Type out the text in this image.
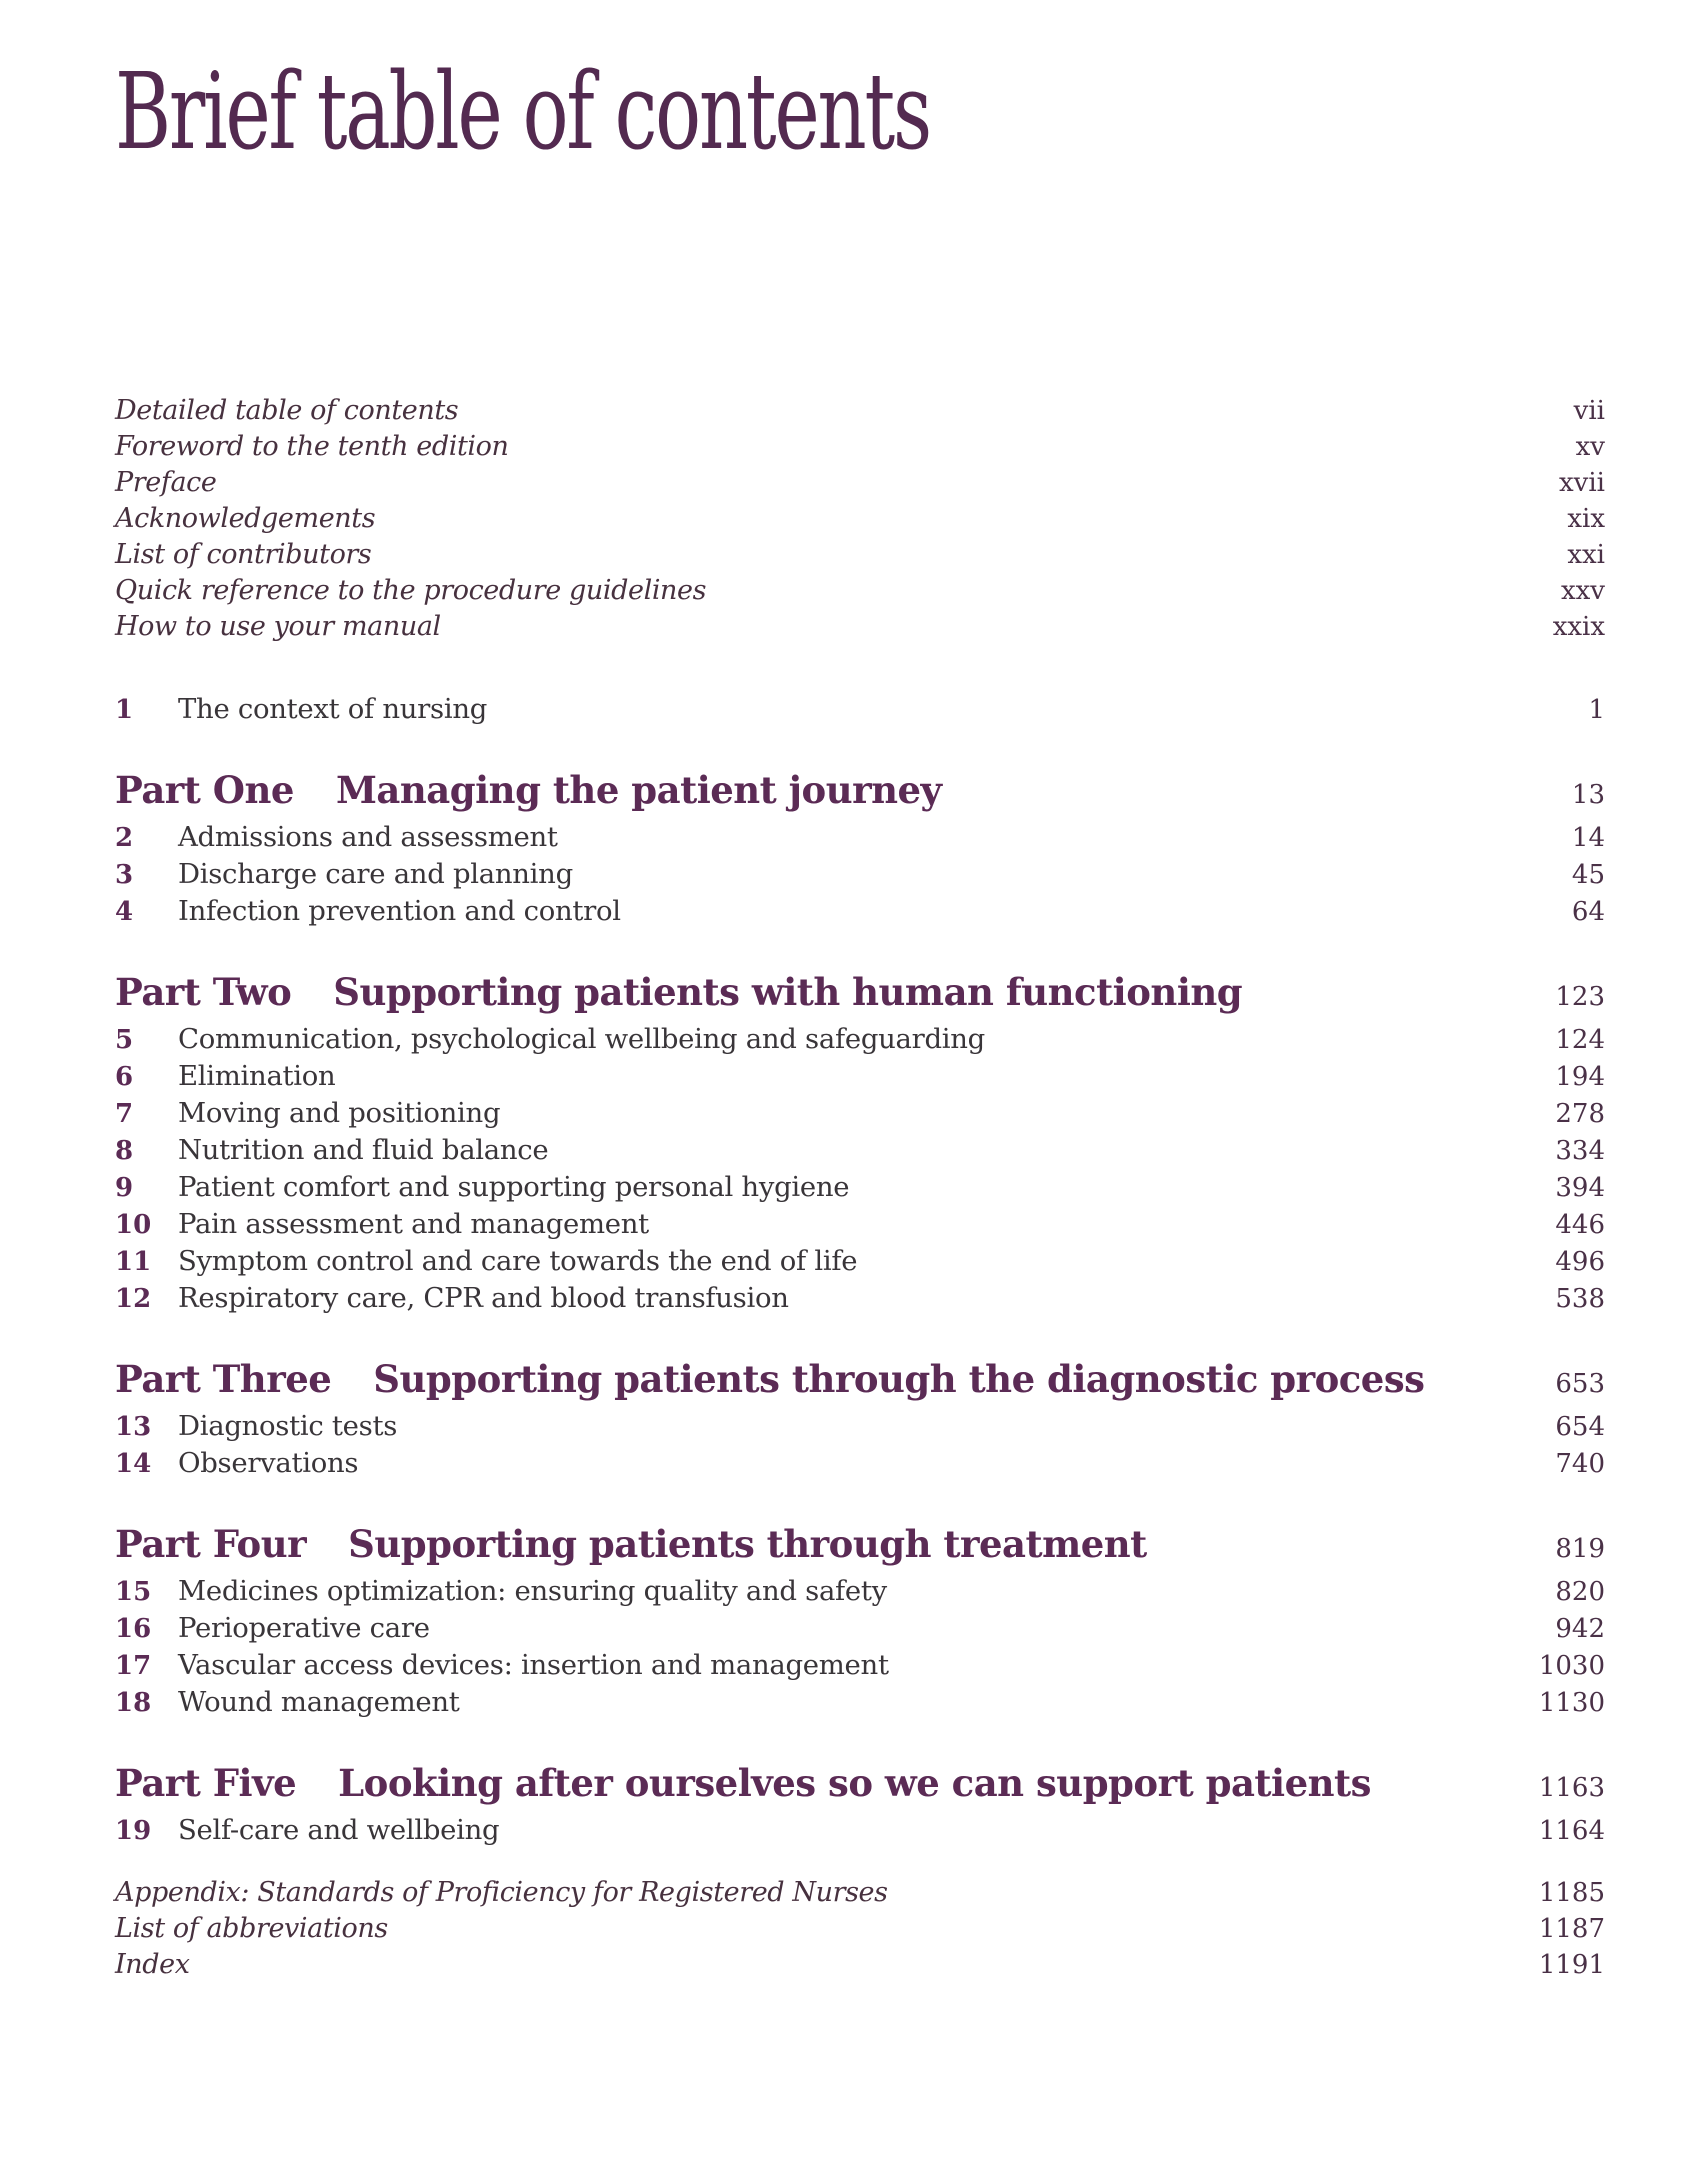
Brief table of contents
Detailed table of contents	vii
Foreword to the tenth edition	xv
Preface	xvii
Acknowledgements	xix
List of contributors	xxi
Quick reference to the procedure guidelines	xxv
How to use your manual	xxix
1	The context of nursing	1
Part One Managing the patient journey	13
2	Admissions and assessment	14
3	Discharge care and planning	45
4	Infection prevention and control	64
Part Two Supporting patients with human functioning	123
5	Communication, psychological wellbeing and safeguarding	124
6	Elimination	194
7	Moving and positioning	278
8	Nutrition and fluid balance	334
9	Patient comfort and supporting personal hygiene	394
10 Pain assessment and management	446
11 Symptom control and care towards the end of life	496
12 Respiratory care, CPR and blood transfusion	538
Part Three Supporting patients through the diagnostic process	653
13 Diagnostic tests	654
14 Observations	740
Part Four Supporting patients through treatment	819
15 Medicines optimization: ensuring quality and safety	820
16 Perioperative care	942
17 Vascular access devices: insertion and management	1030
18 Wound management	1130
Part Five Looking after ourselves so we can support patients	1163
19 Self-care and wellbeing	1164
Appendix: Standards of Proficiency for Registered Nurses	1185
List of abbreviations	1187
Index	1191
